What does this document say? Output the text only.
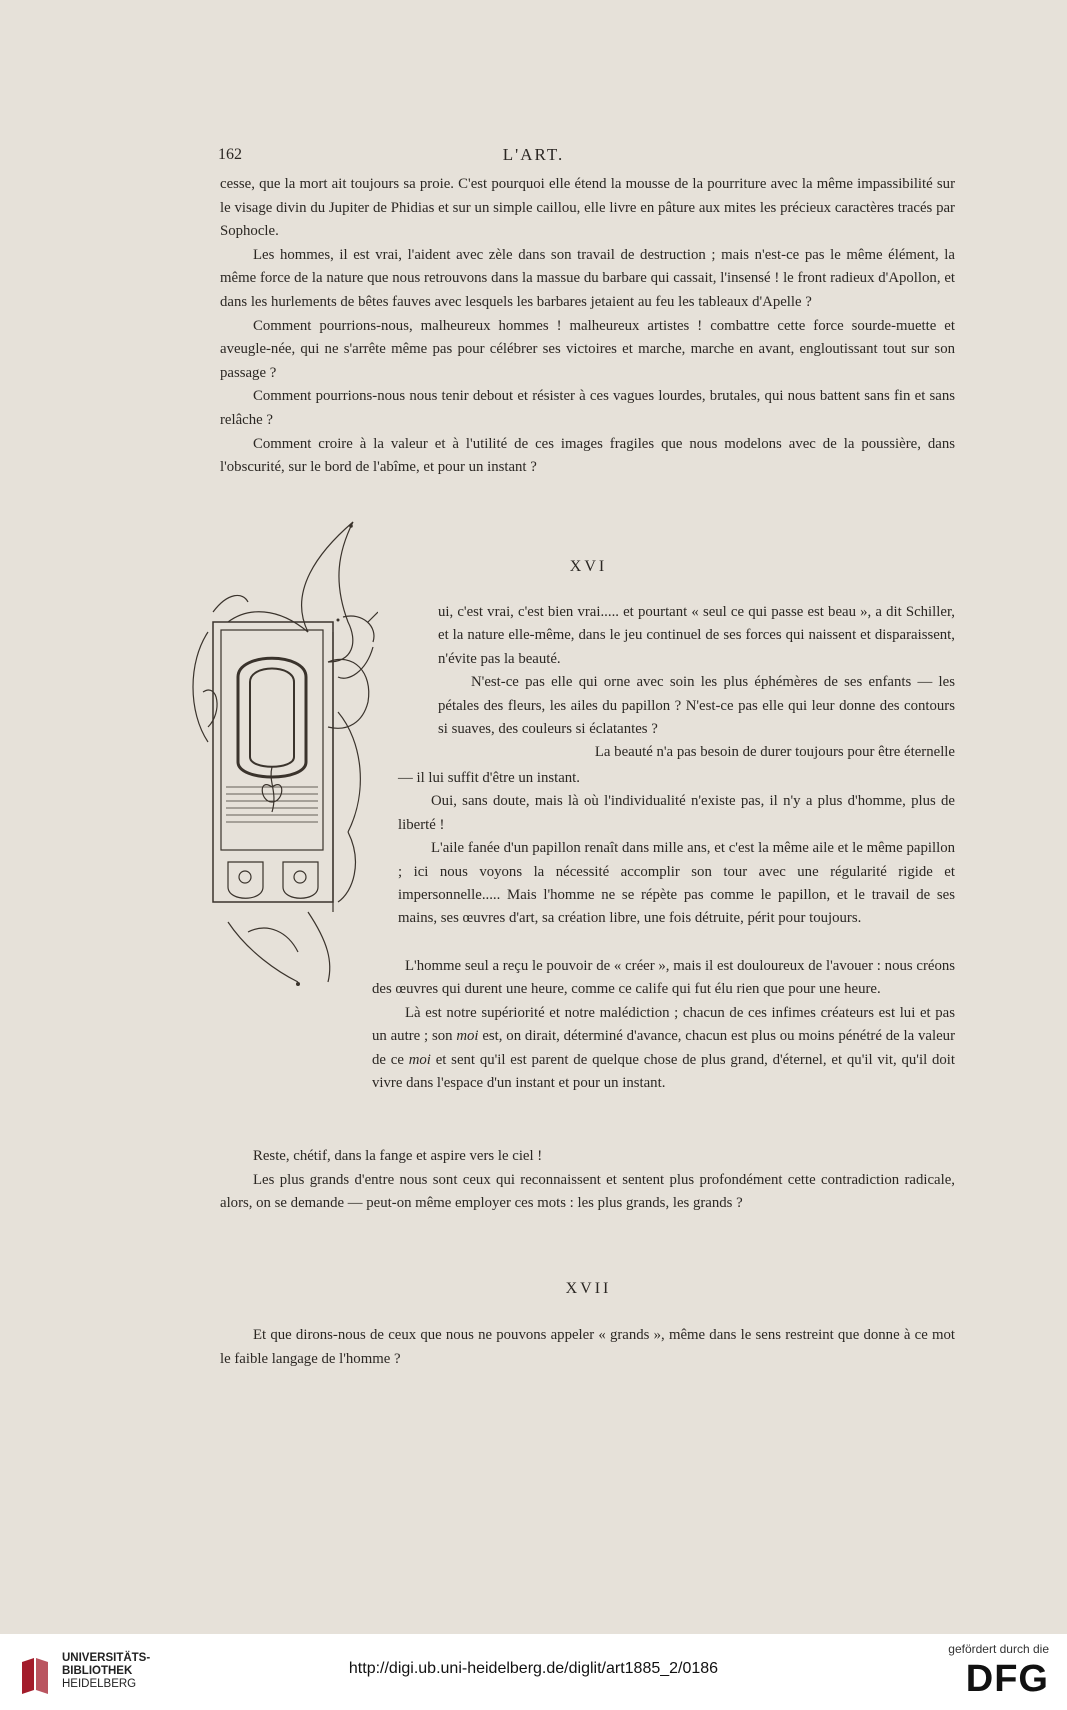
162	L'ART.

cesse, que la mort ait toujours sa proie. C'est pourquoi elle étend la mousse de la pourriture avec la même impassibilité sur le visage divin du Jupiter de Phidias et sur un simple caillou, elle livre en pâture aux mites les précieux caractères tracés par Sophocle.

Les hommes, il est vrai, l'aident avec zèle dans son travail de destruction ; mais n'est-ce pas le même élément, la même force de la nature que nous retrouvons dans la massue du barbare qui cassait, l'insensé ! le front radieux d'Apollon, et dans les hurlements de bêtes fauves avec lesquels les barbares jetaient au feu les tableaux d'Apelle ?

Comment pourrions-nous, malheureux hommes ! malheureux artistes ! combattre cette force sourde-muette et aveugle-née, qui ne s'arrête même pas pour célébrer ses victoires et marche, marche en avant, engloutissant tout sur son passage ?

Comment pourrions-nous nous tenir debout et résister à ces vagues lourdes, brutales, qui nous battent sans fin et sans relâche ?

Comment croire à la valeur et à l'utilité de ces images fragiles que nous modelons avec de la poussière, dans l'obscurité, sur le bord de l'abîme, et pour un instant ?

XVI

ui, c'est vrai, c'est bien vrai..... et pourtant « seul ce qui passe est beau », a dit Schiller, et la nature elle-même, dans le jeu continuel de ses forces qui naissent et disparaissent, n'évite pas la beauté.

N'est-ce pas elle qui orne avec soin les plus éphémères de ses enfants — les pétales des fleurs, les ailes du papillon ? N'est-ce pas elle qui leur donne des contours si suaves, des couleurs si éclatantes ?

La beauté n'a pas besoin de durer toujours pour être éternelle

— il lui suffit d'être un instant.

Oui, sans doute, mais là où l'individualité n'existe pas, il n'y a plus d'homme, plus de liberté !

L'aile fanée d'un papillon renaît dans mille ans, et c'est la même aile et le même papillon ; ici nous voyons la nécessité accomplir son tour avec une régularité rigide et impersonnelle..... Mais l'homme ne se répète pas comme le papillon, et le travail de ses mains, ses œuvres d'art, sa création libre, une fois détruite, périt pour toujours.

L'homme seul a reçu le pouvoir de « créer », mais il est douloureux de l'avouer : nous créons des œuvres qui durent une heure, comme ce calife qui fut élu rien que pour une heure.

Là est notre supériorité et notre malédiction ; chacun de ces infimes créateurs est lui et pas un autre ; son moi est, on dirait, déterminé d'avance, chacun est plus ou moins pénétré de la valeur de ce moi et sent qu'il est parent de quelque chose de plus grand, d'éternel, et qu'il vit, qu'il doit vivre dans l'espace d'un instant et pour un instant.

Reste, chétif, dans la fange et aspire vers le ciel !

Les plus grands d'entre nous sont ceux qui reconnaissent et sentent plus profondément cette contradiction radicale, alors, on se demande — peut-on même employer ces mots : les plus grands, les grands ?

XVII

Et que dirons-nous de ceux que nous ne pouvons appeler « grands », même dans le sens restreint que donne à ce mot le faible langage de l'homme ?

UNIVERSITÄTS-
BIBLIOTHEK
HEIDELBERG
http://digi.ub.uni-heidelberg.de/diglit/art1885_2/0186
gefördert durch die
DFG
